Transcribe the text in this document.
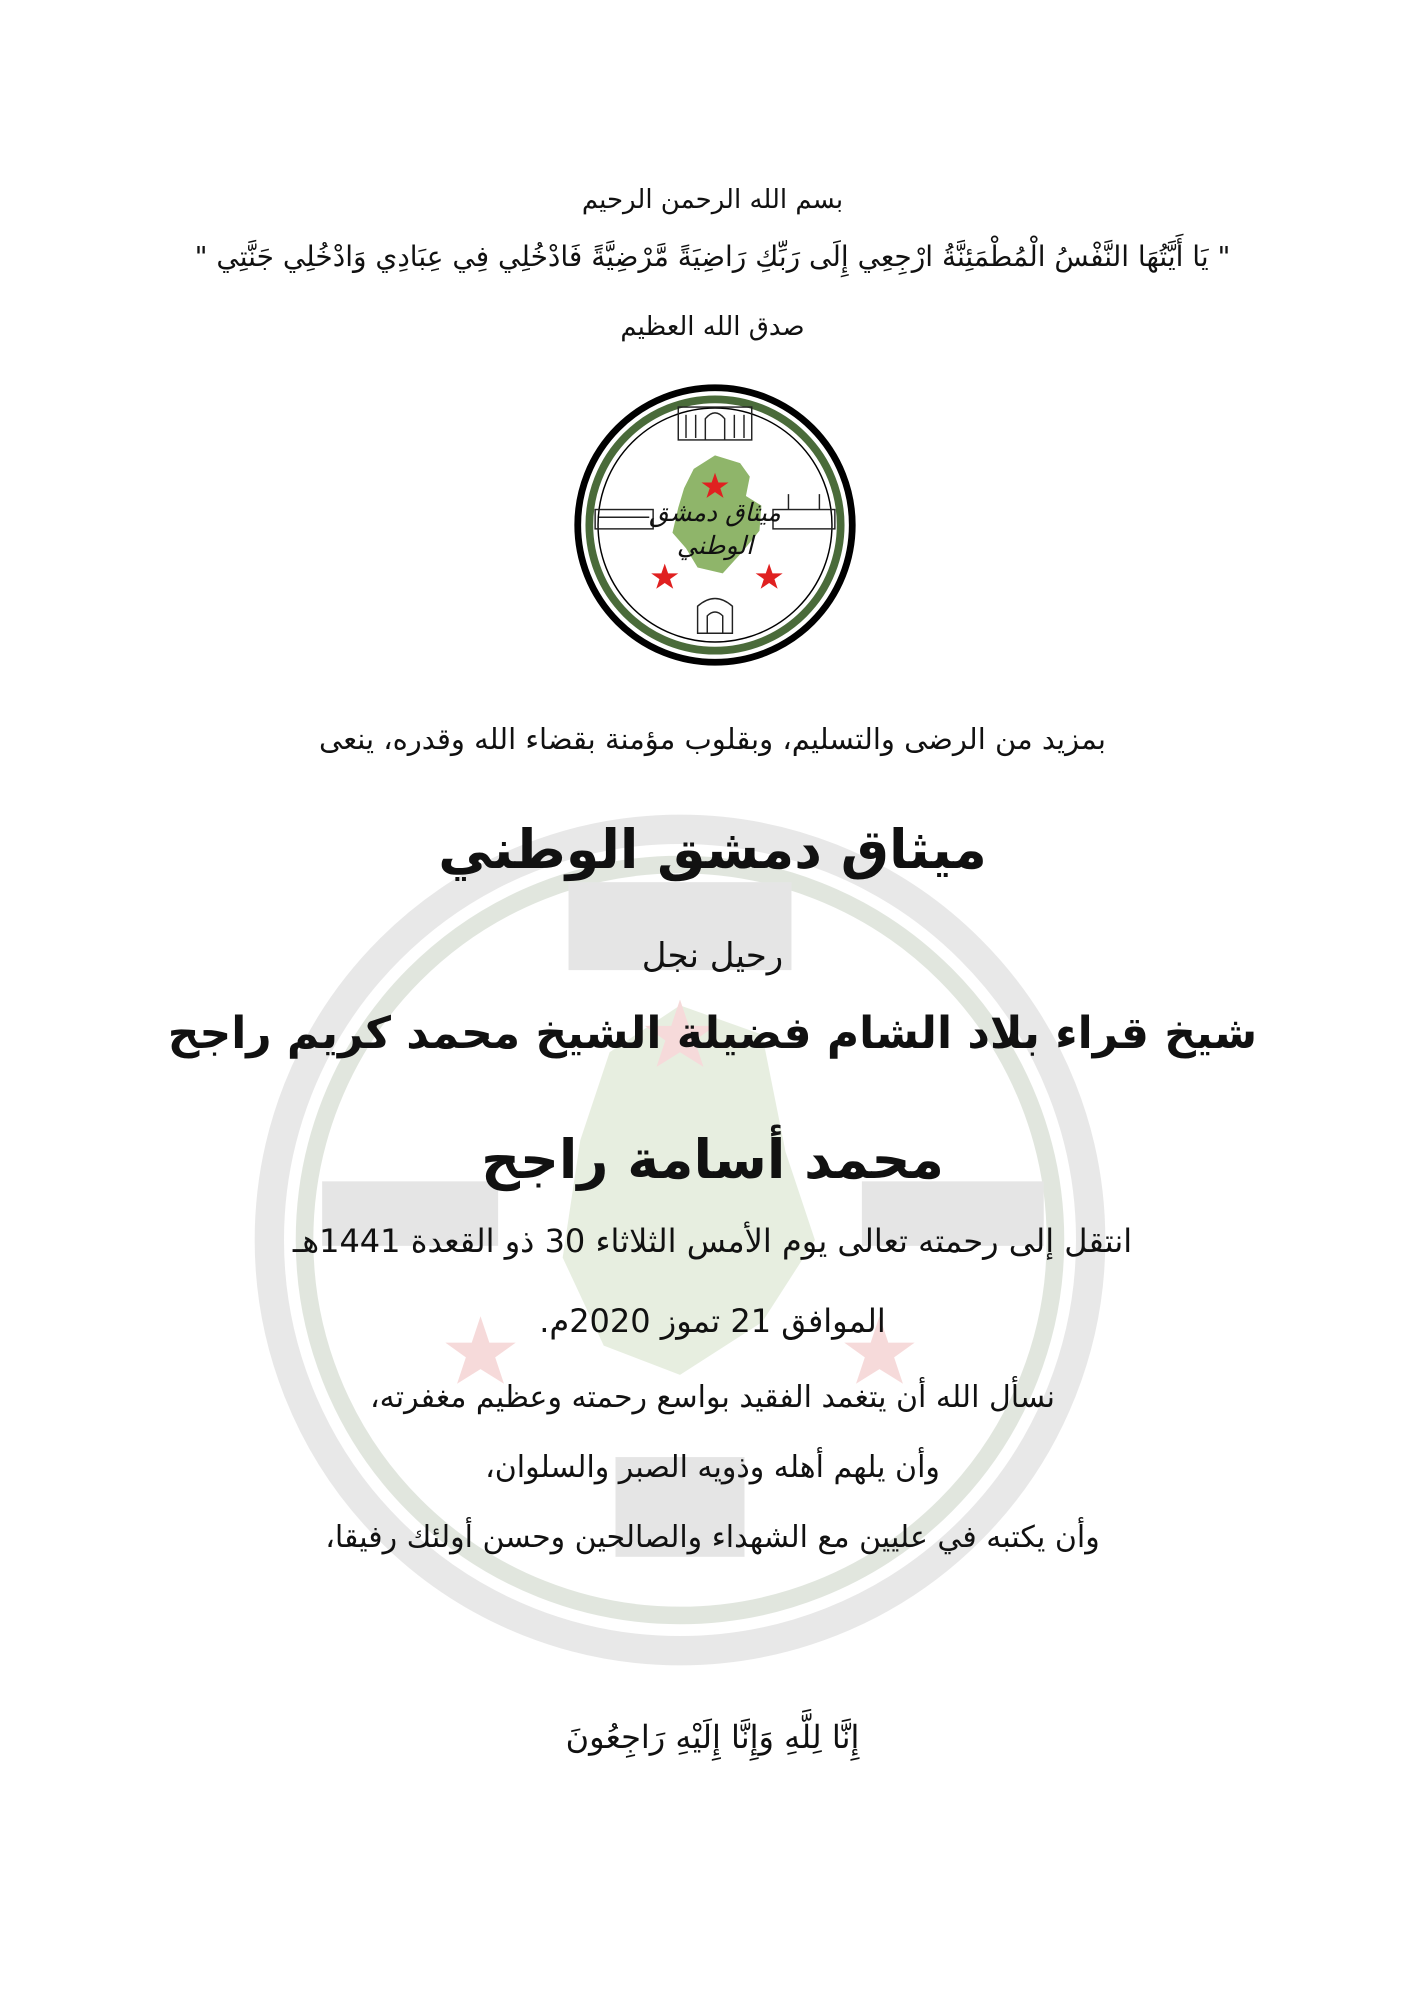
بسم الله الرحمن الرحيم
" يَا أَيَّتُهَا النَّفْسُ الْمُطْمَئِنَّةُ ارْجِعِي إِلَى رَبِّكِ رَاضِيَةً مَّرْضِيَّةً فَادْخُلِي فِي عِبَادِي وَادْخُلِي جَنَّتِي "
صدق الله العظيم
ميثاق دمشق
الوطني
بمزيد من الرضى والتسليم، وبقلوب مؤمنة بقضاء الله وقدره، ينعى
ميثاق دمشق الوطني
رحيل نجل
شيخ قراء بلاد الشام فضيلة الشيخ محمد كريم راجح
محمد أسامة راجح
انتقل إلى رحمته تعالى يوم الأمس الثلاثاء 30 ذو القعدة 1441هـ
الموافق 21 تموز 2020م.
نسأل الله أن يتغمد الفقيد بواسع رحمته وعظيم مغفرته،
وأن يلهم أهله وذويه الصبر والسلوان،
وأن يكتبه في عليين مع الشهداء والصالحين وحسن أولئك رفيقا،
إِنَّا لِلَّهِ وَإِنَّا إِلَيْهِ رَاجِعُونَ
